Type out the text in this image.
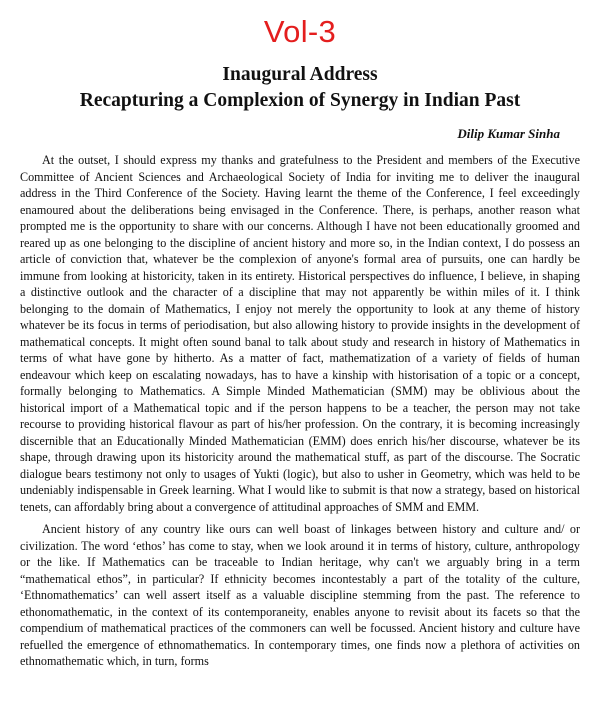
Vol-3
Inaugural Address
Recapturing a Complexion of Synergy in Indian Past
Dilip Kumar Sinha

At the outset, I should express my thanks and gratefulness to the President and members of the Executive Committee of Ancient Sciences and Archaeological Society of India for inviting me to deliver the inaugural address in the Third Conference of the Society. Having learnt the theme of the Conference, I feel exceedingly enamoured about the deliberations being envisaged in the Conference. There, is perhaps, another reason what prompted me is the opportunity to share with our concerns. Although I have not been educationally groomed and reared up as one belonging to the discipline of ancient history and more so, in the Indian context, I do possess an article of conviction that, whatever be the complexion of anyone's formal area of pursuits, one can hardly be immune from looking at historicity, taken in its entirety. Historical perspectives do influence, I believe, in shaping a distinctive outlook and the character of a discipline that may not apparently be within miles of it. I think belonging to the domain of Mathematics, I enjoy not merely the opportunity to look at any theme of history whatever be its focus in terms of periodisation, but also allowing history to provide insights in the development of mathematical concepts. It might often sound banal to talk about study and research in history of Mathematics in terms of what have gone by hitherto. As a matter of fact, mathematization of a variety of fields of human endeavour which keep on escalating nowadays, has to have a kinship with historisation of a topic or a concept, formally belonging to Mathematics. A Simple Minded Mathematician (SMM) may be oblivious about the historical import of a Mathematical topic and if the person happens to be a teacher, the person may not take recourse to providing historical flavour as part of his/her profession. On the contrary, it is becoming increasingly discernible that an Educationally Minded Mathematician (EMM) does enrich his/her discourse, whatever be its shape, through drawing upon its historicity around the mathematical stuff, as part of the discourse. The Socratic dialogue bears testimony not only to usages of Yukti (logic), but also to usher in Geometry, which was held to be undeniably indispensable in Greek learning. What I would like to submit is that now a strategy, based on historical tenets, can affordably bring about a convergence of attitudinal approaches of SMM and EMM.

Ancient history of any country like ours can well boast of linkages between history and culture and/ or civilization. The word ‘ethos’ has come to stay, when we look around it in terms of history, culture, anthropology or the like. If Mathematics can be traceable to Indian heritage, why can't we arguably bring in a term “mathematical ethos”, in particular? If ethnicity becomes incontestably a part of the totality of the culture, ‘Ethnomathematics’ can well assert itself as a valuable discipline stemming from the past. The reference to ethonomathematic, in the context of its contemporaneity, enables anyone to revisit about its facets so that the compendium of mathematical practices of the commoners can well be focussed. Ancient history and culture have refuelled the emergence of ethnomathematics. In contemporary times, one finds now a plethora of activities on ethnomathematic which, in turn, forms
